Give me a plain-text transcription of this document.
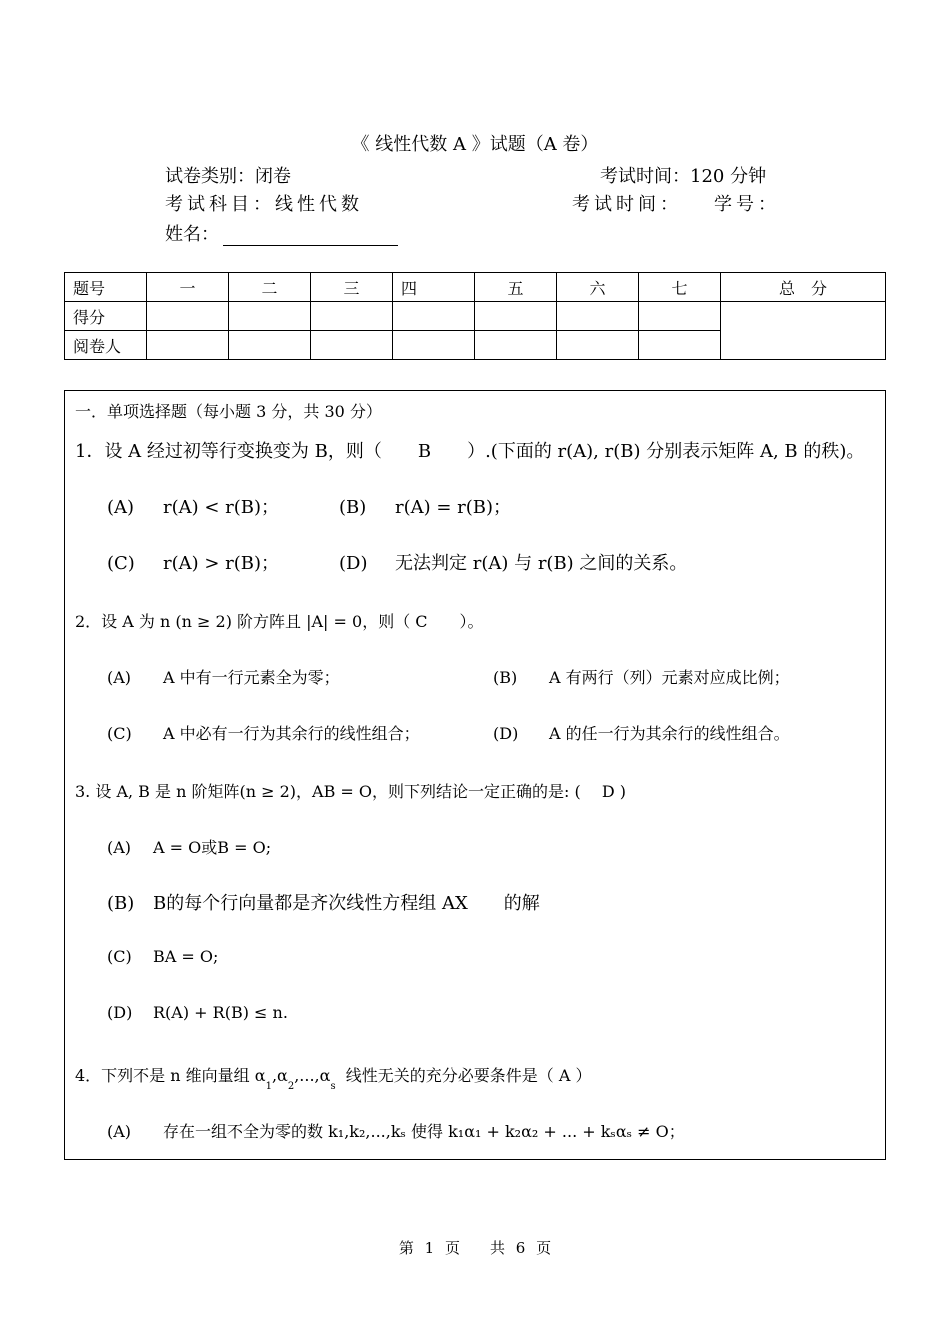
《 线性代数 A 》试题（A 卷）
试卷类别：闭卷	考试时间：120 分钟
考试科目：线性代数	考试时间： 学号：
姓名：
题号	一	二	三	四	五	六	七	总　分
得分								
阅卷人								
一．单项选择题（每小题 3 分，共 30 分）
1．设 A 经过初等行变换变为 B，则（　　B　　）.(下面的 r(A), r(B) 分别表示矩阵 A, B 的秩)。
(A) r(A) < r(B)；	(B) r(A) = r(B)；
(C) r(A) > r(B)；	(D) 无法判定 r(A) 与 r(B) 之间的关系。
2．设 A 为 n (n ≥ 2) 阶方阵且 |A| = 0，则（ C　　）。
(A) A 中有一行元素全为零；	(B) A 有两行（列）元素对应成比例；
(C) A 中必有一行为其余行的线性组合；	(D) A 的任一行为其余行的线性组合。
3. 设 A, B 是 n 阶矩阵(n ≥ 2)，AB = O，则下列结论一定正确的是: (　 D )
(A) A = O或B = O;
(B) B的每个行向量都是齐次线性方程组 AX　　的解
(C) BA = O;
(D) R(A) + R(B) ≤ n.
4．下列不是 n 维向量组 $\alpha_1,\alpha_2,...,\alpha_s$  线性无关的充分必要条件是（ A ）
(A) 存在一组不全为零的数 k₁,k₂,...,kₛ 使得 k₁α₁ + k₂α₂ + ... + kₛαₛ ≠ O；
第 1 页　　共 6 页
